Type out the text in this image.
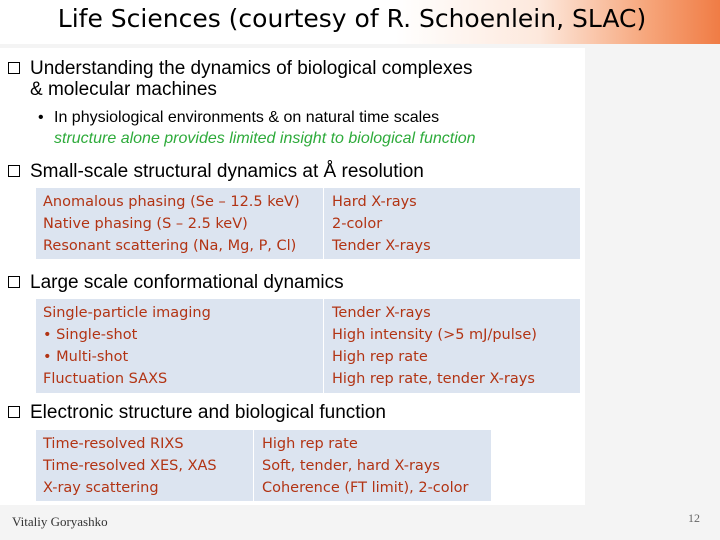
Life Sciences (courtesy of R. Schoenlein, SLAC)
Understanding the dynamics of biological complexes
& molecular machines
• In physiological environments & on natural time scales
structure alone provides limited insight to biological function
Small-scale structural dynamics at Å resolution
Anomalous phasing (Se – 12.5 keV)
Native phasing (S – 2.5 keV)
Resonant scattering (Na, Mg, P, Cl)
Hard X-rays
2-color
Tender X-rays
Large scale conformational dynamics
Single-particle imaging
• Single-shot
• Multi-shot
Fluctuation SAXS
Tender X-rays
High intensity (>5 mJ/pulse)
High rep rate
High rep rate, tender X-rays
Electronic structure and biological function
Time-resolved RIXS
Time-resolved XES, XAS
X-ray scattering
High rep rate
Soft, tender, hard X-rays
Coherence (FT limit), 2-color
Vitaliy Goryashko	12
